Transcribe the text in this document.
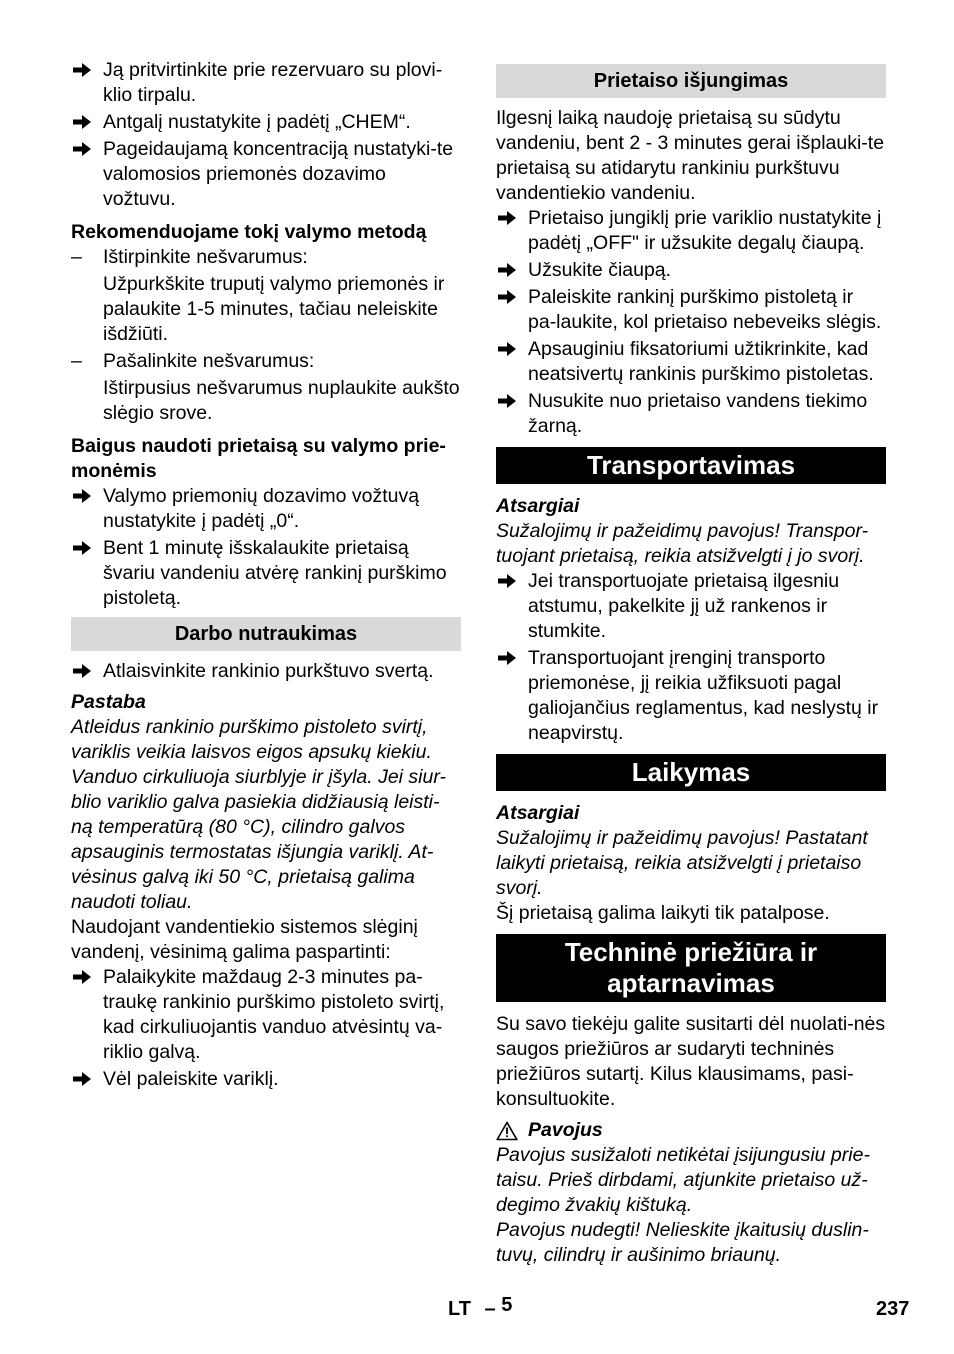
Ją pritvirtinkite prie rezervuaro su plovi-klio tirpalu.

Antgalį nustatykite į padėtį „CHEM“.

Pageidaujamą koncentraciją nustatyki-te valomosios priemonės dozavimo vožtuvu.

Rekomenduojame tokį valymo metodą

– Ištirpinkite nešvarumus:

Užpurkškite truputį valymo priemonės ir palaukite 1-5 minutes, tačiau neleiskite išdžiūti.

– Pašalinkite nešvarumus:

Ištirpusius nešvarumus nuplaukite aukšto slėgio srove.

Baigus naudoti prietaisą su valymo prie-monėmis

Valymo priemonių dozavimo vožtuvą nustatykite į padėtį „0“.

Bent 1 minutę išskalaukite prietaisą švariu vandeniu atvėrę rankinį purškimo pistoletą.

Darbo nutraukimas

Atlaisvinkite rankinio purkštuvo svertą.

Pastaba

Atleidus rankinio purškimo pistoleto svirtį, variklis veikia laisvos eigos apsukų kiekiu. Vanduo cirkuliuoja siurblyje ir įšyla. Jei siur-blio variklio galva pasiekia didžiausią leisti-ną temperatūrą (80 °C), cilindro galvos apsauginis termostatas išjungia variklį. At-vėsinus galvą iki 50 °C, prietaisą galima naudoti toliau.

Naudojant vandentiekio sistemos slėginį vandenį, vėsinimą galima paspartinti:

Palaikykite maždaug 2-3 minutes pa-traukę rankinio purškimo pistoleto svirtį, kad cirkuliuojantis vanduo atvėsintų va-riklio galvą.

Vėl paleiskite variklį.

Prietaiso išjungimas

Ilgesnį laiką naudoję prietaisą su sūdytu vandeniu, bent 2 - 3 minutes gerai išplauki-te prietaisą su atidarytu rankiniu purkštuvu vandentiekio vandeniu.

Prietaiso jungiklį prie variklio nustatykite į padėtį „OFF" ir užsukite degalų čiaupą.

Užsukite čiaupą.

Paleiskite rankinį purškimo pistoletą ir pa-laukite, kol prietaiso nebeveiks slėgis.

Apsauginiu fiksatoriumi užtikrinkite, kad neatsivertų rankinis purškimo pistoletas.

Nusukite nuo prietaiso vandens tiekimo žarną.

Transportavimas

Atsargiai

Sužalojimų ir pažeidimų pavojus! Transpor-tuojant prietaisą, reikia atsižvelgti į jo svorį.

Jei transportuojate prietaisą ilgesniu atstumu, pakelkite jį už rankenos ir stumkite.

Transportuojant įrenginį transporto priemonėse, jį reikia užfiksuoti pagal galiojančius reglamentus, kad neslystų ir neapvirstų.

Laikymas

Atsargiai

Sužalojimų ir pažeidimų pavojus! Pastatant laikyti prietaisą, reikia atsižvelgti į prietaiso svorį.

Šį prietaisą galima laikyti tik patalpose.

Techninė priežiūra ir aptarnavimas

Su savo tiekėju galite susitarti dėl nuolati-nės saugos priežiūros ar sudaryti techninės priežiūros sutartį. Kilus klausimams, pasi-konsultuokite.

Pavojus

Pavojus susižaloti netikėtai įsijungusiu prie-taisu. Prieš dirbdami, atjunkite prietaiso už-degimo žvakių kištuką.

Pavojus nudegti! Nelieskite įkaitusių duslin-tuvų, cilindrų ir aušinimo briaunų.

LT – 5	237
